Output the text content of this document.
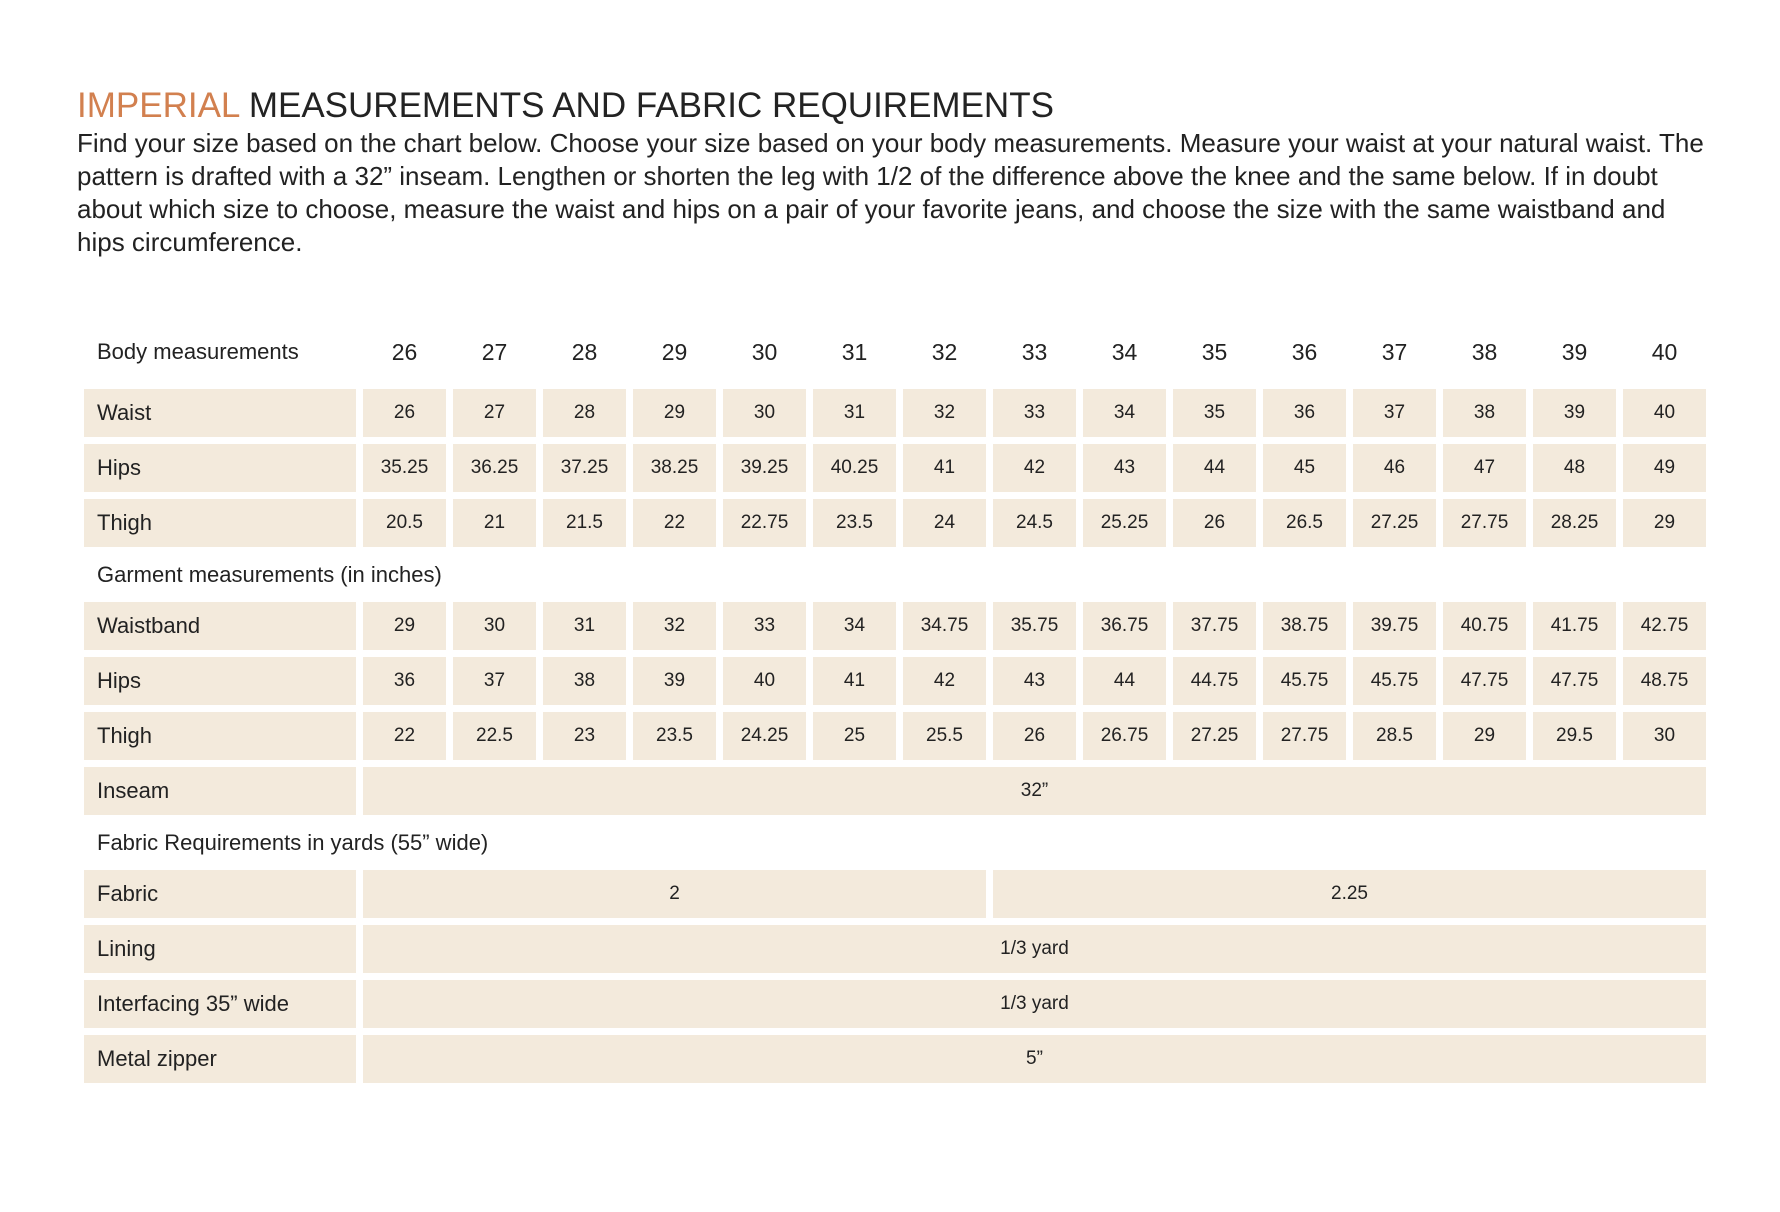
IMPERIAL MEASUREMENTS AND FABRIC REQUIREMENTS

Find your size based on the chart below. Choose your size based on your body measurements. Measure your waist at your natural waist. The pattern is drafted with a 32” inseam. Lengthen or shorten the leg with 1/2 of the difference above the knee and the same below. If in doubt about which size to choose, measure the waist and hips on a pair of your favorite jeans, and choose the size with the same waistband and hips circumference.

Body measurements	26	27	28	29	30	31	32	33	34	35	36	37	38	39	40
Waist	26	27	28	29	30	31	32	33	34	35	36	37	38	39	40
Hips	35.25	36.25	37.25	38.25	39.25	40.25	41	42	43	44	45	46	47	48	49
Thigh	20.5	21	21.5	22	22.75	23.5	24	24.5	25.25	26	26.5	27.25	27.75	28.25	29
Garment measurements (in inches)															
Waistband	29	30	31	32	33	34	34.75	35.75	36.75	37.75	38.75	39.75	40.75	41.75	42.75
Hips	36	37	38	39	40	41	42	43	44	44.75	45.75	45.75	47.75	47.75	48.75
Thigh	22	22.5	23	23.5	24.25	25	25.5	26	26.75	27.25	27.75	28.5	29	29.5	30
Inseam	32”														
Fabric Requirements in yards (55” wide)															
Fabric	2							2.25							
Lining	1/3 yard														
Interfacing 35” wide	1/3 yard														
Metal zipper	5”														
